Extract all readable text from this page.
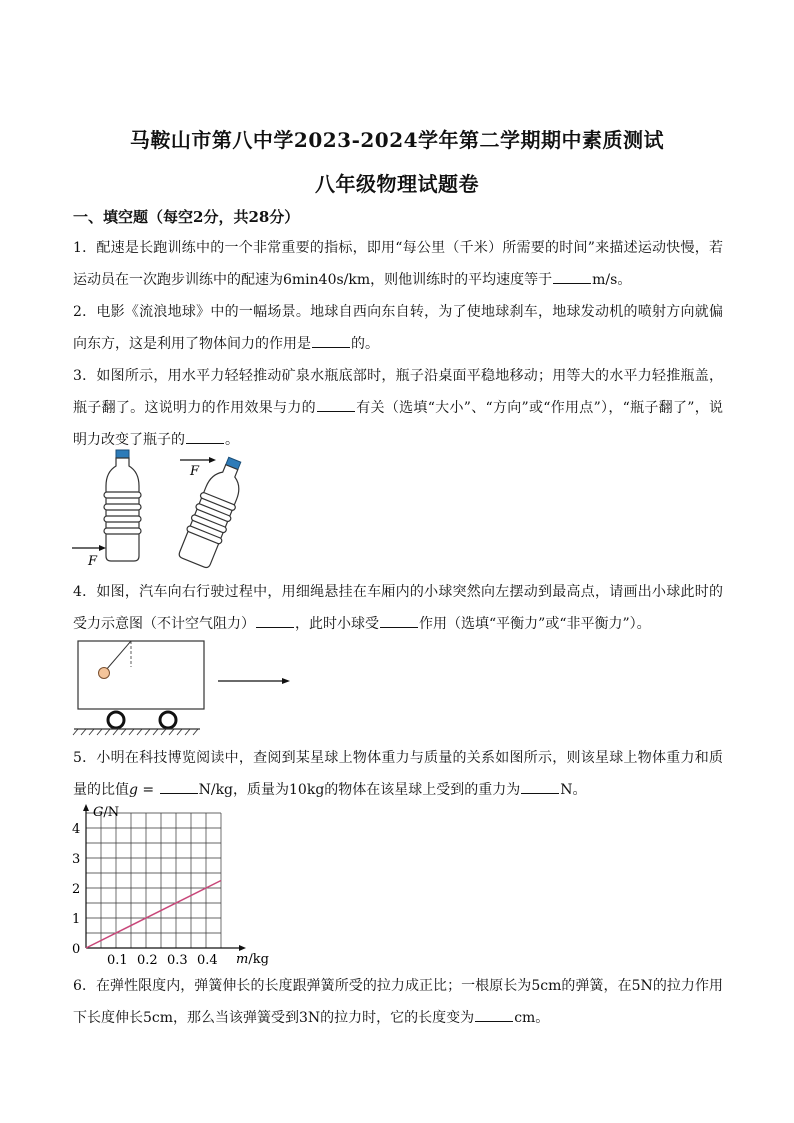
马鞍山市第八中学2023-2024学年第二学期期中素质测试
八年级物理试题卷
一、填空题（每空2分，共28分）
1．配速是长跑训练中的一个非常重要的指标，即用“每公里（千米）所需要的时间”来描述运动快慢，若运动员在一次跑步训练中的配速为6min40s/km，则他训练时的平均速度等于	m/s。
2．电影《流浪地球》中的一幅场景。地球自西向东自转，为了使地球刹车，地球发动机的喷射方向就偏向东方，这是利用了物体间力的作用是	的。
3．如图所示，用水平力轻轻推动矿泉水瓶底部时，瓶子沿桌面平稳地移动；用等大的水平力轻推瓶盖，瓶子翻了。这说明力的作用效果与力的	有关（选填“大小”、“方向”或“作用点”），“瓶子翻了”，说明力改变了瓶子的	。
F
F
4．如图，汽车向右行驶过程中，用细绳悬挂在车厢内的小球突然向左摆动到最高点，请画出小球此时的受力示意图（不计空气阻力）	，此时小球受	作用（选填“平衡力”或“非平衡力”）。
5．小明在科技博览阅读中，查阅到某星球上物体重力与质量的关系如图所示，则该星球上物体重力和质量的比值g =	N/kg，质量为10kg的物体在该星球上受到的重力为	N。
0.1 0.2 0.3 0.4
1
2
3
4
G/N
m/kg
0
6．在弹性限度内，弹簧伸长的长度跟弹簧所受的拉力成正比；一根原长为5cm的弹簧，在5N的拉力作用下长度伸长5cm，那么当该弹簧受到3N的拉力时，它的长度变为	cm。
